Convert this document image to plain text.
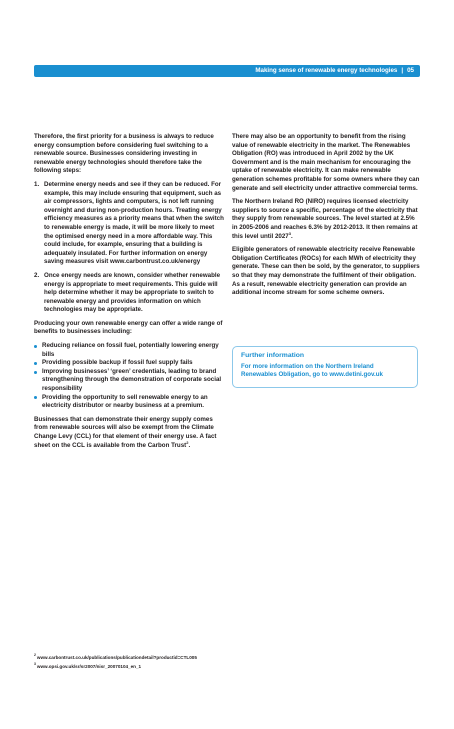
Making sense of renewable energy technologies | 05

Therefore, the first priority for a business is always to reduce energy consumption before considering fuel switching to a renewable source. Businesses considering investing in renewable energy technologies should therefore take the following steps:

1. Determine energy needs and see if they can be reduced. For example, this may include ensuring that equipment, such as air compressors, lights and computers, is not left running overnight and during non-production hours. Treating energy efficiency measures as a priority means that when the switch to renewable energy is made, it will be more likely to meet the optimised energy need in a more affordable way. This could include, for example, ensuring that a building is adequately insulated. For further information on energy saving measures visit www.carbontrust.co.uk/energy
2. Once energy needs are known, consider whether renewable energy is appropriate to meet requirements. This guide will help determine whether it may be appropriate to switch to renewable energy and provides information on which technologies may be appropriate.

Producing your own renewable energy can offer a wide range of benefits to businesses including:

Reducing reliance on fossil fuel, potentially lowering energy bills
Providing possible backup if fossil fuel supply fails
Improving businesses’ ‘green’ credentials, leading to brand strengthening through the demonstration of corporate social responsibility
Providing the opportunity to sell renewable energy to an electricity distributor or nearby business at a premium.

Businesses that can demonstrate their energy supply comes from renewable sources will also be exempt from the Climate Change Levy (CCL) for that element of their energy use. A fact sheet on the CCL is available from the Carbon Trust$^2$.

There may also be an opportunity to benefit from the rising value of renewable electricity in the market. The Renewables Obligation (RO) was introduced in April 2002 by the UK Government and is the main mechanism for encouraging the uptake of renewable electricity. It can make renewable generation schemes profitable for some owners where they can generate and sell electricity under attractive commercial terms.

The Northern Ireland RO (NIRO) requires licensed electricity suppliers to source a specific, percentage of the electricity that they supply from renewable sources. The level started at 2.5% in 2005-2006 and reaches 6.3% by 2012-2013. It then remains at this level until 2027$^3$.

Eligible generators of renewable electricity receive Renewable Obligation Certificates (ROCs) for each MWh of electricity they generate. These can then be sold, by the generator, to suppliers so that they may demonstrate the fulfilment of their obligation. As a result, renewable electricity generation can provide an additional income stream for some scheme owners.

Further information
For more information on the Northern Ireland Renewables Obligation, go to www.detini.gov.uk
$^2$www.carbontrust.co.uk/publications/publicationdetail?productid=CTL005
$^3$www.opsi.gov.uk/sr/sr2007/nisr_20070104_en_1
